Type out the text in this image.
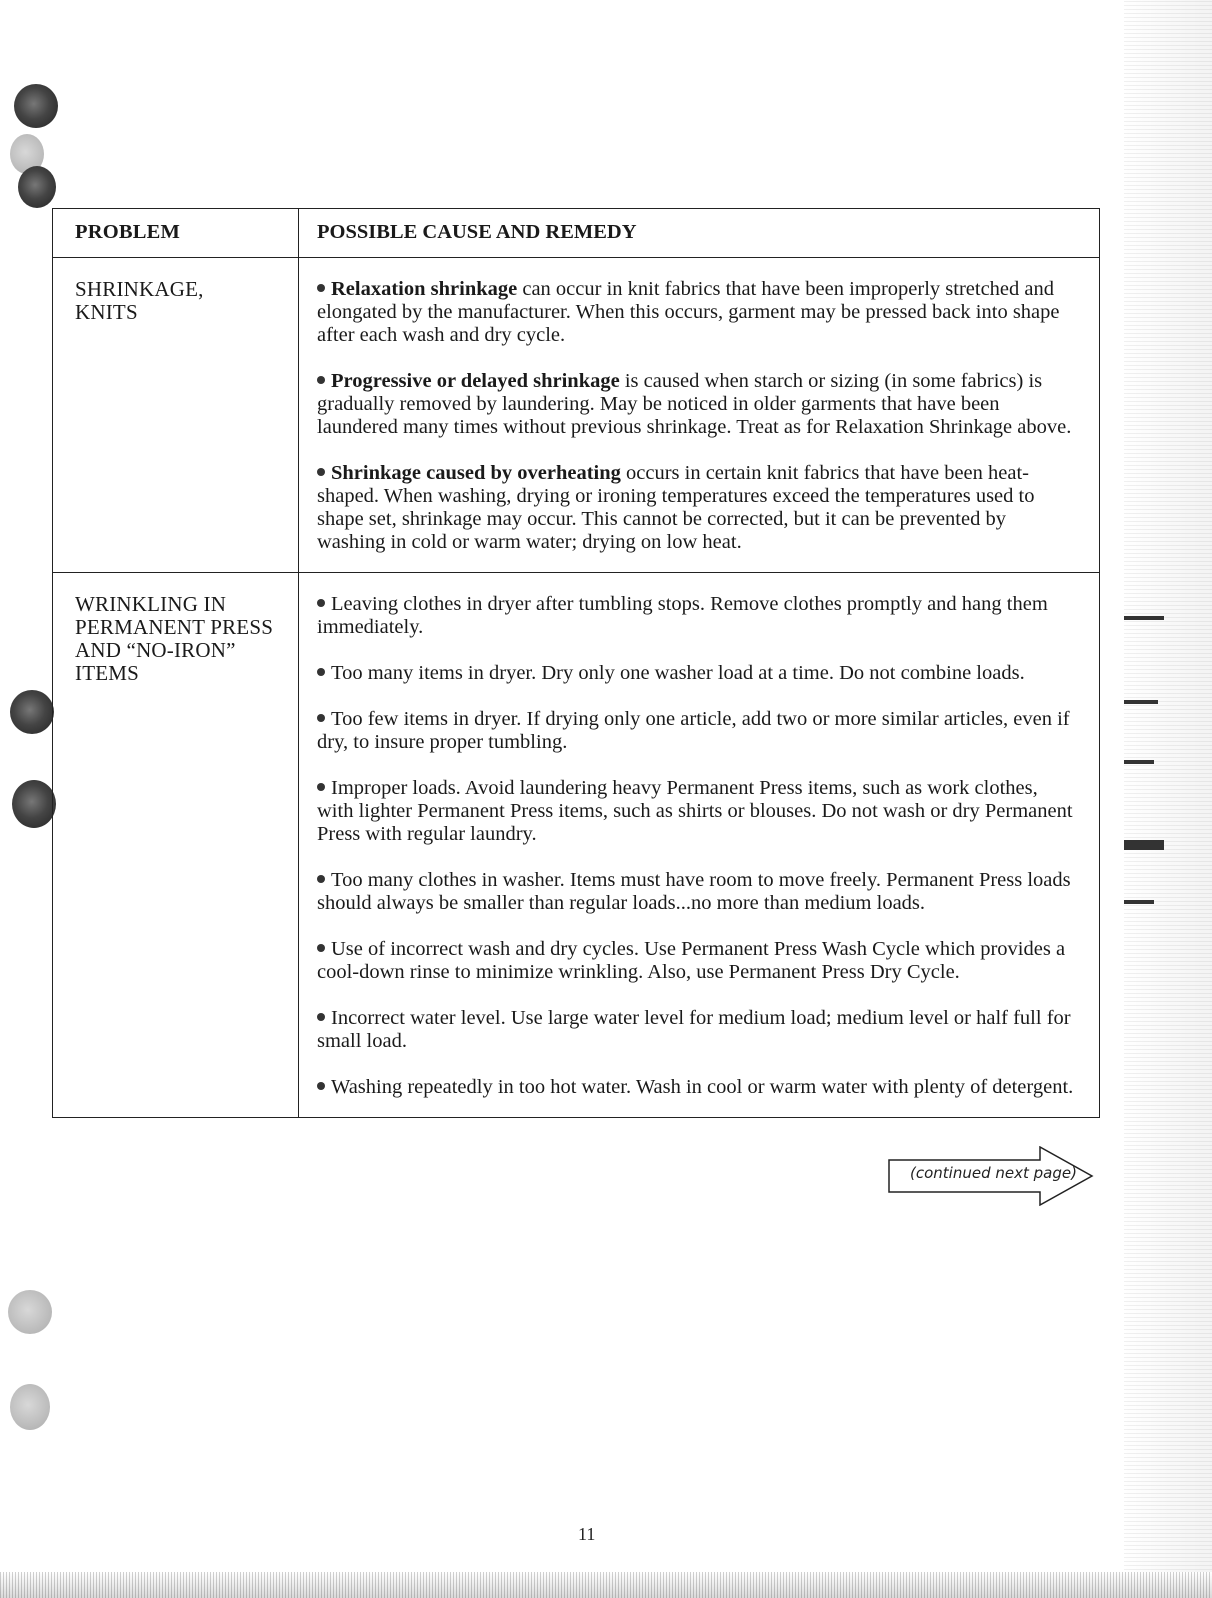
PROBLEM	POSSIBLE CAUSE AND REMEDY
SHRINKAGE,
KNITS

Relaxation shrinkage can occur in knit fabrics that have been improperly stretched and elongated by the manufacturer. When this occurs, garment may be pressed back into shape after each wash and dry cycle.

Progressive or delayed shrinkage is caused when starch or sizing (in some fabrics) is gradually removed by laundering. May be noticed in older garments that have been laundered many times without previous shrinkage. Treat as for Relaxation Shrinkage above.

Shrinkage caused by overheating occurs in certain knit fabrics that have been heat-shaped. When washing, drying or ironing temperatures exceed the temperatures used to shape set, shrinkage may occur. This cannot be corrected, but it can be prevented by washing in cold or warm water; drying on low heat.

WRINKLING IN
PERMANENT PRESS
AND “NO-IRON”
ITEMS

Leaving clothes in dryer after tumbling stops. Remove clothes promptly and hang them immediately.

Too many items in dryer. Dry only one washer load at a time. Do not combine loads.

Too few items in dryer. If drying only one article, add two or more similar articles, even if dry, to insure proper tumbling.

Improper loads. Avoid laundering heavy Permanent Press items, such as work clothes, with lighter Permanent Press items, such as shirts or blouses. Do not wash or dry Permanent Press with regular laundry.

Too many clothes in washer. Items must have room to move freely. Permanent Press loads should always be smaller than regular loads...no more than medium loads.

Use of incorrect wash and dry cycles. Use Permanent Press Wash Cycle which provides a cool-down rinse to minimize wrinkling. Also, use Permanent Press Dry Cycle.

Incorrect water level. Use large water level for medium load; medium level or half full for small load.

Washing repeatedly in too hot water. Wash in cool or warm water with plenty of detergent.

(continued next page)
11
